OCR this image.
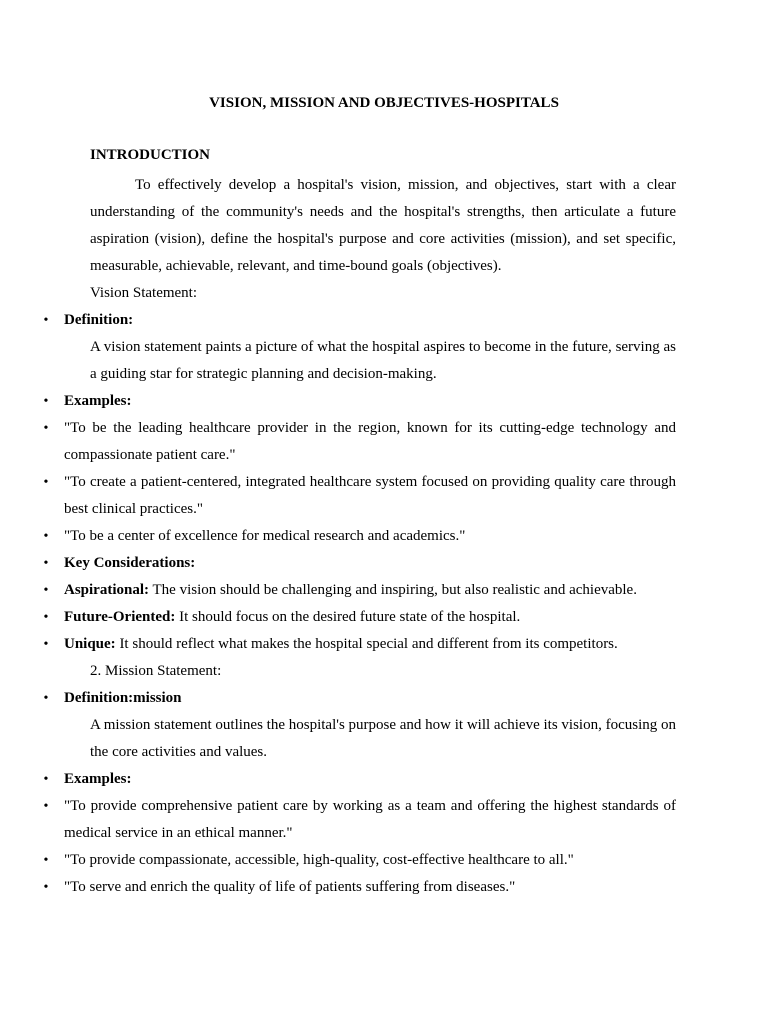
VISION, MISSION AND OBJECTIVES-HOSPITALS
INTRODUCTION
To effectively develop a hospital's vision, mission, and objectives, start with a clear understanding of the community's needs and the hospital's strengths, then articulate a future aspiration (vision), define the hospital's purpose and core activities (mission), and set specific, measurable, achievable, relevant, and time-bound goals (objectives).
Vision Statement:
• Definition:
A vision statement paints a picture of what the hospital aspires to become in the future, serving as a guiding star for strategic planning and decision-making.
• Examples:
• "To be the leading healthcare provider in the region, known for its cutting-edge technology and compassionate patient care."
• "To create a patient-centered, integrated healthcare system focused on providing quality care through best clinical practices."
• "To be a center of excellence for medical research and academics."
• Key Considerations:
• Aspirational: The vision should be challenging and inspiring, but also realistic and achievable.
• Future-Oriented: It should focus on the desired future state of the hospital.
• Unique: It should reflect what makes the hospital special and different from its competitors.
2. Mission Statement:
• Definition:mission
A mission statement outlines the hospital's purpose and how it will achieve its vision, focusing on the core activities and values.
• Examples:
• "To provide comprehensive patient care by working as a team and offering the highest standards of medical service in an ethical manner."
• "To provide compassionate, accessible, high-quality, cost-effective healthcare to all."
• "To serve and enrich the quality of life of patients suffering from diseases."
